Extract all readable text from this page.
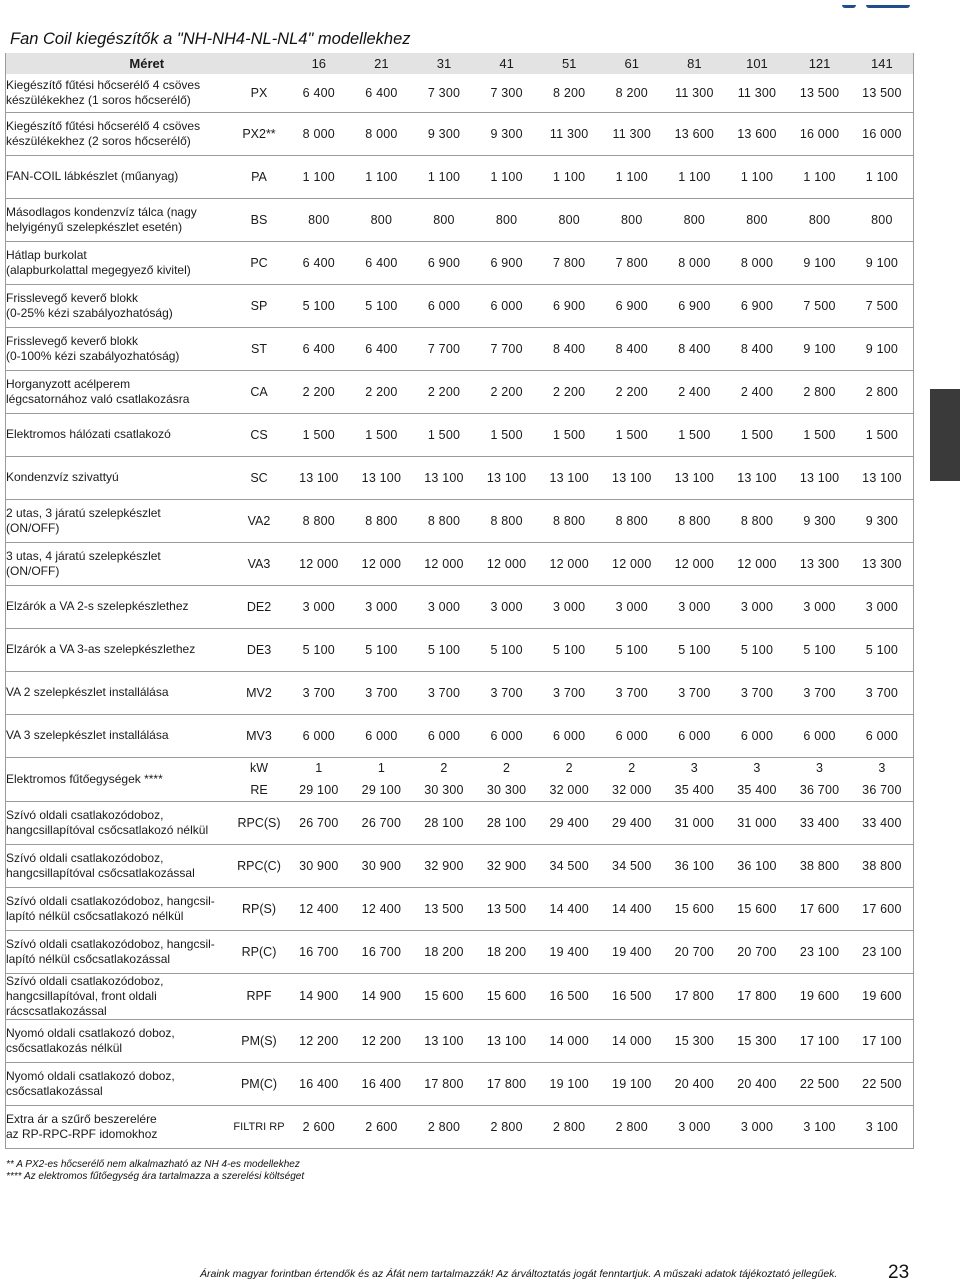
Fan Coil kiegészítők a "NH-NH4-NL-NL4" modellekhez
Méret		16	21	31	41	51	61	81	101	121	141

Kiegészítő fűtési hőcserélő 4 csöves
készülékekhez (1 soros hőcserélő)	PX	6 400	6 400	7 300	7 300	8 200	8 200	11 300	11 300	13 500	13 500

Kiegészítő fűtési hőcserélő 4 csöves
készülékekhez (2 soros hőcserélő)	PX2**	8 000	8 000	9 300	9 300	11 300	11 300	13 600	13 600	16 000	16 000

FAN-COIL lábkészlet (műanyag)	PA	1 100	1 100	1 100	1 100	1 100	1 100	1 100	1 100	1 100	1 100

Másodlagos kondenzvíz tálca (nagy
helyigényű szelepkészlet esetén)	BS	800	800	800	800	800	800	800	800	800	800

Hátlap burkolat
(alapburkolattal megegyező kivitel)	PC	6 400	6 400	6 900	6 900	7 800	7 800	8 000	8 000	9 100	9 100

Frisslevegő keverő blokk
(0-25% kézi szabályozhatóság)	SP	5 100	5 100	6 000	6 000	6 900	6 900	6 900	6 900	7 500	7 500

Frisslevegő keverő blokk
(0-100% kézi szabályozhatóság)	ST	6 400	6 400	7 700	7 700	8 400	8 400	8 400	8 400	9 100	9 100

Horganyzott acélperem
légcsatornához való csatlakozásra	CA	2 200	2 200	2 200	2 200	2 200	2 200	2 400	2 400	2 800	2 800

Elektromos hálózati csatlakozó	CS	1 500	1 500	1 500	1 500	1 500	1 500	1 500	1 500	1 500	1 500

Kondenzvíz szivattyú	SC	13 100	13 100	13 100	13 100	13 100	13 100	13 100	13 100	13 100	13 100

2 utas, 3 járatú szelepkészlet
(ON/OFF)	VA2	8 800	8 800	8 800	8 800	8 800	8 800	8 800	8 800	9 300	9 300

3 utas, 4 járatú szelepkészlet
(ON/OFF)	VA3	12 000	12 000	12 000	12 000	12 000	12 000	12 000	12 000	13 300	13 300

Elzárók a VA 2-s szelepkészlethez	DE2	3 000	3 000	3 000	3 000	3 000	3 000	3 000	3 000	3 000	3 000

Elzárók a VA 3-as szelepkészlethez	DE3	5 100	5 100	5 100	5 100	5 100	5 100	5 100	5 100	5 100	5 100

VA 2 szelepkészlet installálása	MV2	3 700	3 700	3 700	3 700	3 700	3 700	3 700	3 700	3 700	3 700

VA 3 szelepkészlet installálása	MV3	6 000	6 000	6 000	6 000	6 000	6 000	6 000	6 000	6 000	6 000
Elektromos fűtőegységek ****	kW	1	1	2	2	2	2	3	3	3	3
	RE	29 100	29 100	30 300	30 300	32 000	32 000	35 400	35 400	36 700	36 700

Szívó oldali csatlakozódoboz,
hangcsillapítóval csőcsatlakozó nélkül	RPC(S)	26 700	26 700	28 100	28 100	29 400	29 400	31 000	31 000	33 400	33 400

Szívó oldali csatlakozódoboz,
hangcsillapítóval csőcsatlakozással	RPC(C)	30 900	30 900	32 900	32 900	34 500	34 500	36 100	36 100	38 800	38 800

Szívó oldali csatlakozódoboz, hangcsil-
lapító nélkül csőcsatlakozó nélkül	RP(S)	12 400	12 400	13 500	13 500	14 400	14 400	15 600	15 600	17 600	17 600

Szívó oldali csatlakozódoboz, hangcsil-
lapító nélkül csőcsatlakozással	RP(C)	16 700	16 700	18 200	18 200	19 400	19 400	20 700	20 700	23 100	23 100

Szívó oldali csatlakozódoboz,
hangcsillapítóval, front oldali
rácscsatlakozással	RPF	14 900	14 900	15 600	15 600	16 500	16 500	17 800	17 800	19 600	19 600

Nyomó oldali csatlakozó doboz,
csőcsatlakozás nélkül	PM(S)	12 200	12 200	13 100	13 100	14 000	14 000	15 300	15 300	17 100	17 100

Nyomó oldali csatlakozó doboz,
csőcsatlakozással	PM(C)	16 400	16 400	17 800	17 800	19 100	19 100	20 400	20 400	22 500	22 500

Extra ár a szűrő beszerelére
az RP-RPC-RPF idomokhoz	FILTRI RP	2 600	2 600	2 800	2 800	2 800	2 800	3 000	3 000	3 100	3 100
** A PX2-es hőcserélő nem alkalmazható az NH 4-es modellekhez
**** Az elektromos fűtőegység ára tartalmazza a szerelési költséget
Áraink magyar forintban értendők és az Áfát nem tartalmazzák! Az árváltoztatás jogát fenntartjuk. A műszaki adatok tájékoztató jellegűek.	23
